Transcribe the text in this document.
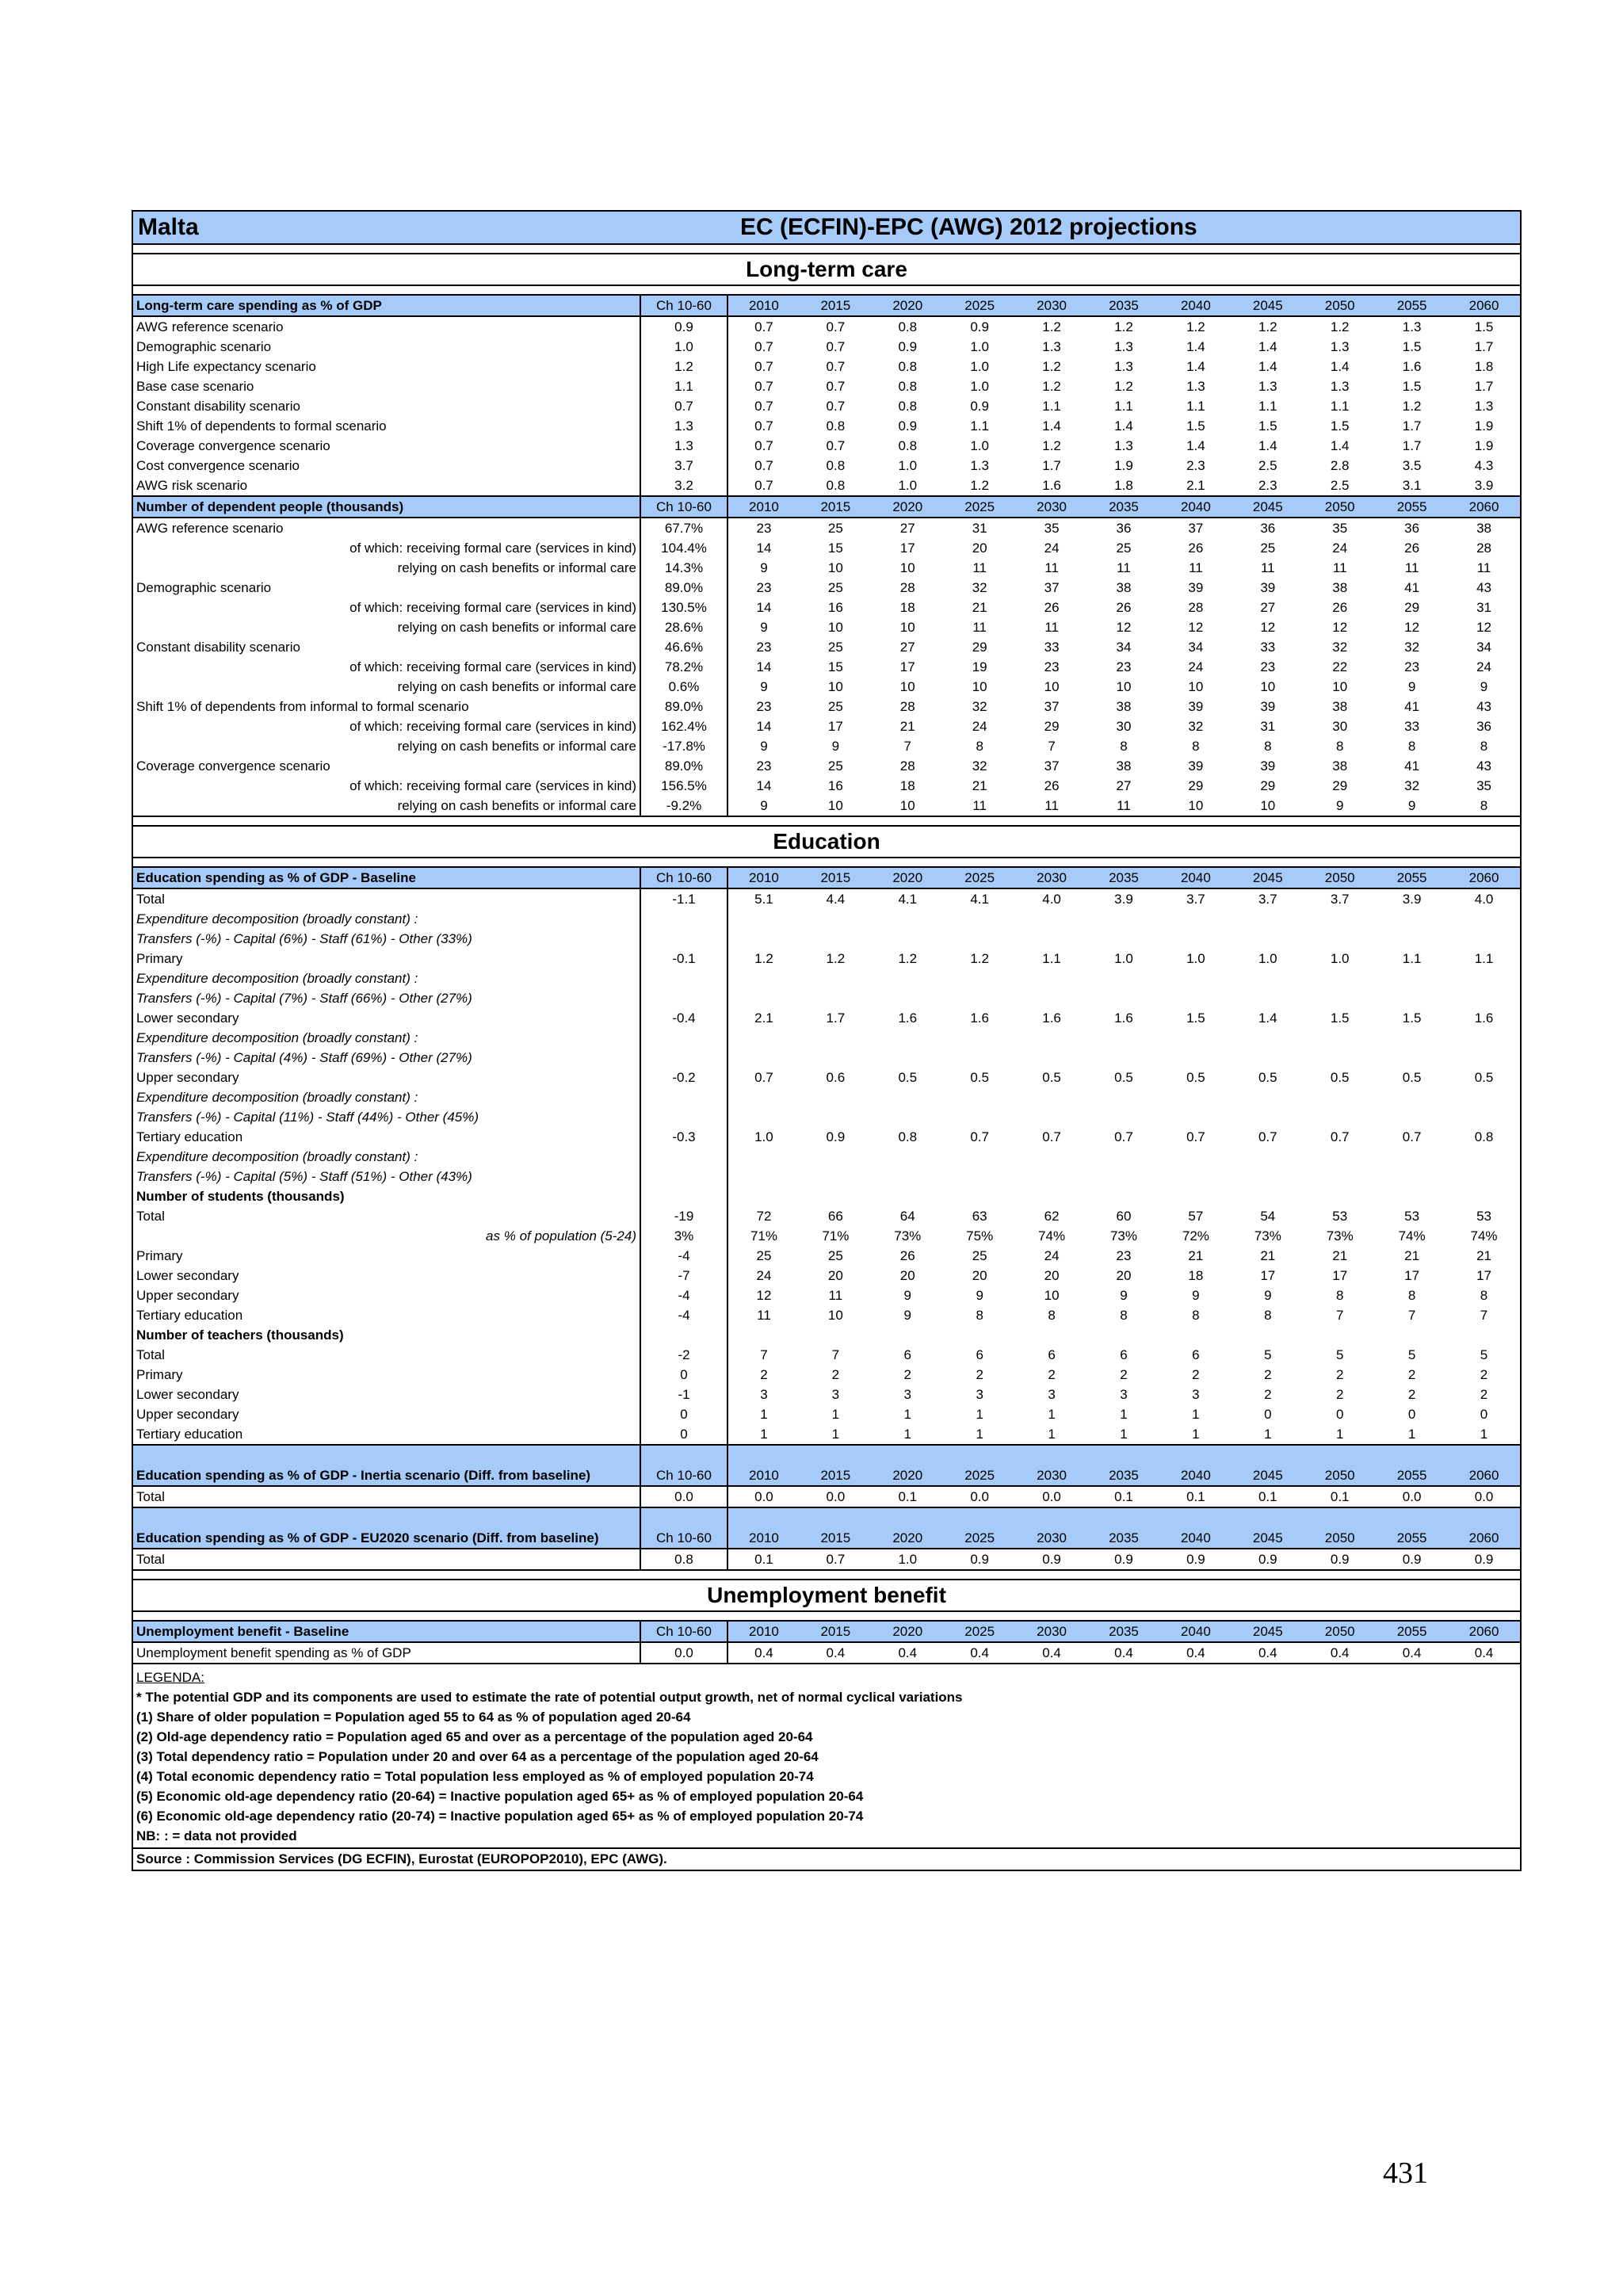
Malta	EC (ECFIN)-EPC (AWG) 2012 projections
Long-term care
Long-term care spending as % of GDP	Ch 10-60	2010	2015	2020	2025	2030	2035	2040	2045	2050	2055	2060
AWG reference scenario	0.9	0.7	0.7	0.8	0.9	1.2	1.2	1.2	1.2	1.2	1.3	1.5
Demographic scenario	1.0	0.7	0.7	0.9	1.0	1.3	1.3	1.4	1.4	1.3	1.5	1.7
High Life expectancy scenario	1.2	0.7	0.7	0.8	1.0	1.2	1.3	1.4	1.4	1.4	1.6	1.8
Base case scenario	1.1	0.7	0.7	0.8	1.0	1.2	1.2	1.3	1.3	1.3	1.5	1.7
Constant disability scenario	0.7	0.7	0.7	0.8	0.9	1.1	1.1	1.1	1.1	1.1	1.2	1.3
Shift 1% of dependents to formal scenario	1.3	0.7	0.8	0.9	1.1	1.4	1.4	1.5	1.5	1.5	1.7	1.9
Coverage convergence scenario	1.3	0.7	0.7	0.8	1.0	1.2	1.3	1.4	1.4	1.4	1.7	1.9
Cost convergence scenario	3.7	0.7	0.8	1.0	1.3	1.7	1.9	2.3	2.5	2.8	3.5	4.3
AWG risk scenario	3.2	0.7	0.8	1.0	1.2	1.6	1.8	2.1	2.3	2.5	3.1	3.9
Number of dependent people (thousands)	Ch 10-60	2010	2015	2020	2025	2030	2035	2040	2045	2050	2055	2060
AWG reference scenario	67.7%	23	25	27	31	35	36	37	36	35	36	38
of which: receiving formal care (services in kind)	104.4%	14	15	17	20	24	25	26	25	24	26	28
relying on cash benefits or informal care	14.3%	9	10	10	11	11	11	11	11	11	11	11
Demographic scenario	89.0%	23	25	28	32	37	38	39	39	38	41	43
of which: receiving formal care (services in kind)	130.5%	14	16	18	21	26	26	28	27	26	29	31
relying on cash benefits or informal care	28.6%	9	10	10	11	11	12	12	12	12	12	12
Constant disability scenario	46.6%	23	25	27	29	33	34	34	33	32	32	34
of which: receiving formal care (services in kind)	78.2%	14	15	17	19	23	23	24	23	22	23	24
relying on cash benefits or informal care	0.6%	9	10	10	10	10	10	10	10	10	9	9
Shift 1% of dependents from informal to formal scenario	89.0%	23	25	28	32	37	38	39	39	38	41	43
of which: receiving formal care (services in kind)	162.4%	14	17	21	24	29	30	32	31	30	33	36
relying on cash benefits or informal care	-17.8%	9	9	7	8	7	8	8	8	8	8	8
Coverage convergence scenario	89.0%	23	25	28	32	37	38	39	39	38	41	43
of which: receiving formal care (services in kind)	156.5%	14	16	18	21	26	27	29	29	29	32	35
relying on cash benefits or informal care	-9.2%	9	10	10	11	11	11	10	10	9	9	8
Education
Education spending as % of GDP - Baseline	Ch 10-60	2010	2015	2020	2025	2030	2035	2040	2045	2050	2055	2060
Total	-1.1	5.1	4.4	4.1	4.1	4.0	3.9	3.7	3.7	3.7	3.9	4.0
Expenditure decomposition (broadly constant) :												
Transfers (-%) - Capital (6%) - Staff (61%) - Other (33%)												
Primary	-0.1	1.2	1.2	1.2	1.2	1.1	1.0	1.0	1.0	1.0	1.1	1.1
Expenditure decomposition (broadly constant) :												
Transfers (-%) - Capital (7%) - Staff (66%) - Other (27%)												
Lower secondary	-0.4	2.1	1.7	1.6	1.6	1.6	1.6	1.5	1.4	1.5	1.5	1.6
Expenditure decomposition (broadly constant) :												
Transfers (-%) - Capital (4%) - Staff (69%) - Other (27%)												
Upper secondary	-0.2	0.7	0.6	0.5	0.5	0.5	0.5	0.5	0.5	0.5	0.5	0.5
Expenditure decomposition (broadly constant) :												
Transfers (-%) - Capital (11%) - Staff (44%) - Other (45%)												
Tertiary education	-0.3	1.0	0.9	0.8	0.7	0.7	0.7	0.7	0.7	0.7	0.7	0.8
Expenditure decomposition (broadly constant) :												
Transfers (-%) - Capital (5%) - Staff (51%) - Other (43%)												
Number of students (thousands)												
Total	-19	72	66	64	63	62	60	57	54	53	53	53
as % of population (5-24)	3%	71%	71%	73%	75%	74%	73%	72%	73%	73%	74%	74%
Primary	-4	25	25	26	25	24	23	21	21	21	21	21
Lower secondary	-7	24	20	20	20	20	20	18	17	17	17	17
Upper secondary	-4	12	11	9	9	10	9	9	9	8	8	8
Tertiary education	-4	11	10	9	8	8	8	8	8	7	7	7
Number of teachers (thousands)												
Total	-2	7	7	6	6	6	6	6	5	5	5	5
Primary	0	2	2	2	2	2	2	2	2	2	2	2
Lower secondary	-1	3	3	3	3	3	3	3	2	2	2	2
Upper secondary	0	1	1	1	1	1	1	1	0	0	0	0
Tertiary education	0	1	1	1	1	1	1	1	1	1	1	1
Education spending as % of GDP - Inertia scenario (Diff. from baseline)	Ch 10-60	2010	2015	2020	2025	2030	2035	2040	2045	2050	2055	2060
Total	0.0	0.0	0.0	0.1	0.0	0.0	0.1	0.1	0.1	0.1	0.0	0.0
Education spending as % of GDP - EU2020 scenario (Diff. from baseline)	Ch 10-60	2010	2015	2020	2025	2030	2035	2040	2045	2050	2055	2060
Total	0.8	0.1	0.7	1.0	0.9	0.9	0.9	0.9	0.9	0.9	0.9	0.9
Unemployment benefit
Unemployment benefit - Baseline	Ch 10-60	2010	2015	2020	2025	2030	2035	2040	2045	2050	2055	2060
Unemployment benefit spending as % of GDP	0.0	0.4	0.4	0.4	0.4	0.4	0.4	0.4	0.4	0.4	0.4	0.4
LEGENDA:
* The potential GDP and its components are used to estimate the rate of potential output growth, net of normal cyclical variations
(1) Share of older population = Population aged 55 to 64 as % of population aged 20-64
(2) Old-age dependency ratio = Population aged 65 and over as a percentage of the population aged 20-64
(3) Total dependency ratio = Population under 20 and over 64 as a percentage of the population aged 20-64
(4) Total economic dependency ratio = Total population less employed as % of employed population 20-74
(5) Economic old-age dependency ratio (20-64) = Inactive population aged 65+ as % of employed population 20-64
(6) Economic old-age dependency ratio (20-74) = Inactive population aged 65+ as % of employed population 20-74
NB: : = data not provided
Source : Commission Services (DG ECFIN), Eurostat (EUROPOP2010), EPC (AWG).
431
